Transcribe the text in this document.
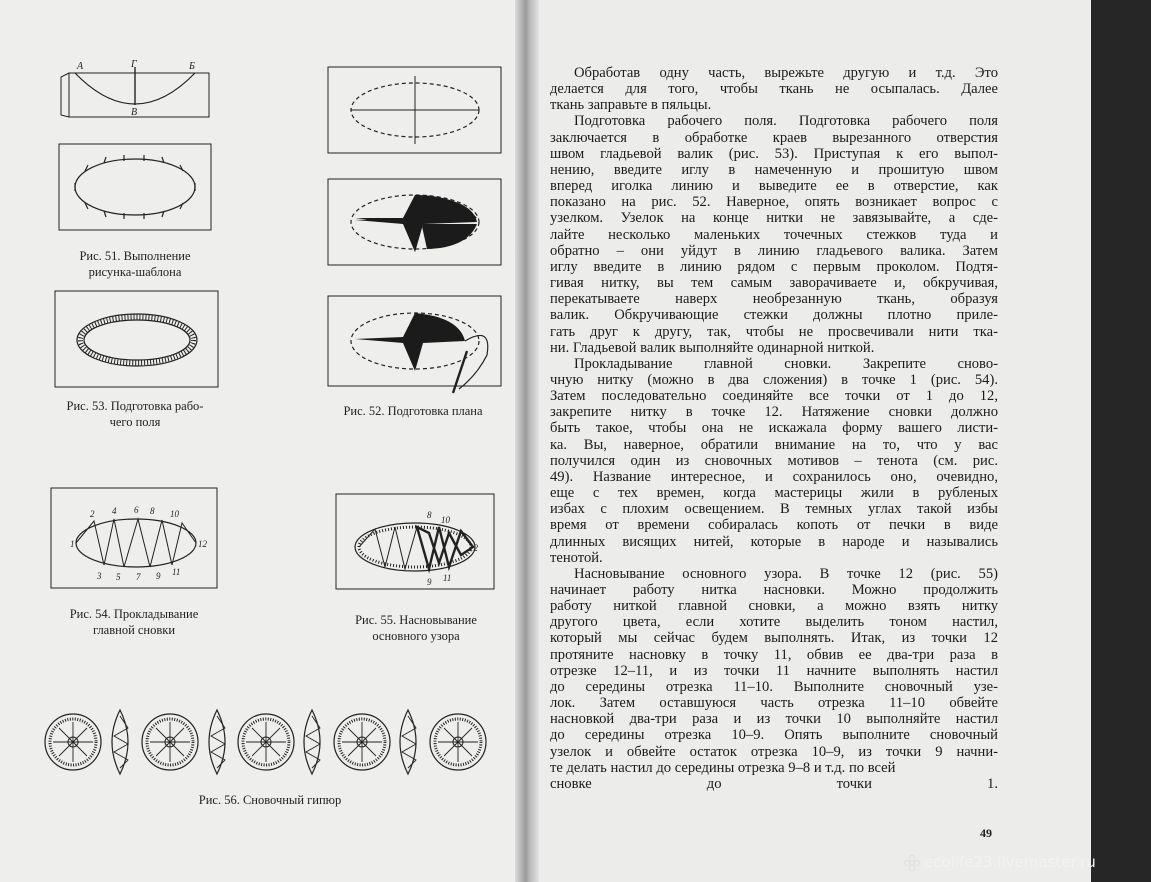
А	Г	Б
В
Рис. 51. Выполнение
рисунка-шаблона
Рис. 52. Подготовка плана
Рис. 53. Подготовка рабо-
чего поля
1
2
3
4
5
6
7
8
9
10
11
12
Рис. 54. Прокладывание
главной сновки
8 10
12
11
9
Рис. 55. Насновывание
основного узора
Рис. 56. Сновочный гипюр
Обработав одну часть, вырежьте другую и т.д. Это
делается для того, чтобы ткань не осыпалась. Далее
ткань заправьте в пяльцы.
Подготовка рабочего поля. Подготовка рабочего поля
заключается в обработке краев вырезанного отверстия
швом гладьевой валик (рис. 53). Приступая к его выпол-
нению, введите иглу в намеченную и прошитую швом
вперед иголка линию и выведите ее в отверстие, как
показано на рис. 52. Наверное, опять возникает вопрос с
узелком. Узелок на конце нитки не завязывайте, а сде-
лайте несколько маленьких точечных стежков туда и
обратно – они уйдут в линию гладьевого валика. Затем
иглу введите в линию рядом с первым проколом. Подтя-
гивая нитку, вы тем самым заворачиваете и, обкручивая,
перекатываете наверх необрезанную ткань, образуя
валик. Обкручивающие стежки должны плотно приле-
гать друг к другу, так, чтобы не просвечивали нити тка-
ни. Гладьевой валик выполняйте одинарной ниткой.
Прокладывание главной сновки. Закрепите сново-
чную нитку (можно в два сложения) в точке 1 (рис. 54).
Затем последовательно соединяйте все точки от 1 до 12,
закрепите нитку в точке 12. Натяжение сновки должно
быть такое, чтобы она не искажала форму вашего листи-
ка. Вы, наверное, обратили внимание на то, что у вас
получился один из сновочных мотивов – тенота (см. рис.
49). Название интересное, и сохранилось оно, очевидно,
еще с тех времен, когда мастерицы жили в рубленых
избах с плохим освещением. В темных углах такой избы
время от времени собиралась копоть от печки в виде
длинных висящих нитей, которые в народе и назывались
тенотой.
Насновывание основного узора. В точке 12 (рис. 55)
начинает работу нитка насновки. Можно продолжить
работу ниткой главной сновки, а можно взять нитку
другого цвета, если хотите выделить тоном настил,
который мы сейчас будем выполнять. Итак, из точки 12
протяните насновку в точку 11, обвив ее два-три раза в
отрезке 12–11, и из точки 11 начните выполнять настил
до середины отрезка 11–10. Выполните сновочный узе-
лок. Затем оставшуюся часть отрезка 11–10 обвейте
насновкой два-три раза и из точки 10 выполняйте настил
до середины отрезка 10–9. Опять выполните сновочный
узелок и обвейте остаток отрезка 10–9, из точки 9 начни-
те делать настил до середины отрезка 9–8 и т.д. по всей
сновке до точки 1.
49
ecolife23.livemaster.ru
